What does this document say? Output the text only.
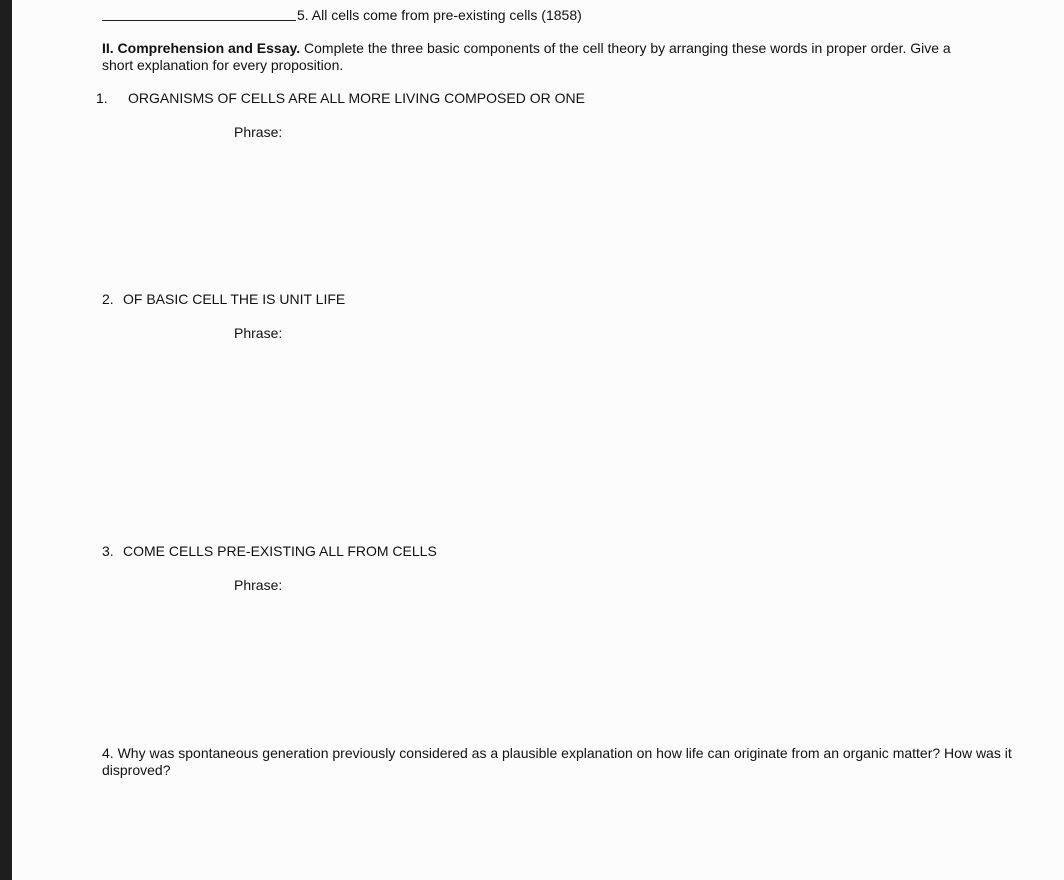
5. All cells come from pre-existing cells (1858)
II. Comprehension and Essay. Complete the three basic components of the cell theory by arranging these words in proper order. Give a short explanation for every proposition.
1. ORGANISMS OF CELLS ARE ALL MORE LIVING COMPOSED OR ONE
Phrase:
2. OF BASIC CELL THE IS UNIT LIFE
Phrase:
3. COME CELLS PRE-EXISTING ALL FROM CELLS
Phrase:
4. Why was spontaneous generation previously considered as a plausible explanation on how life can originate from an organic matter? How was it disproved?
